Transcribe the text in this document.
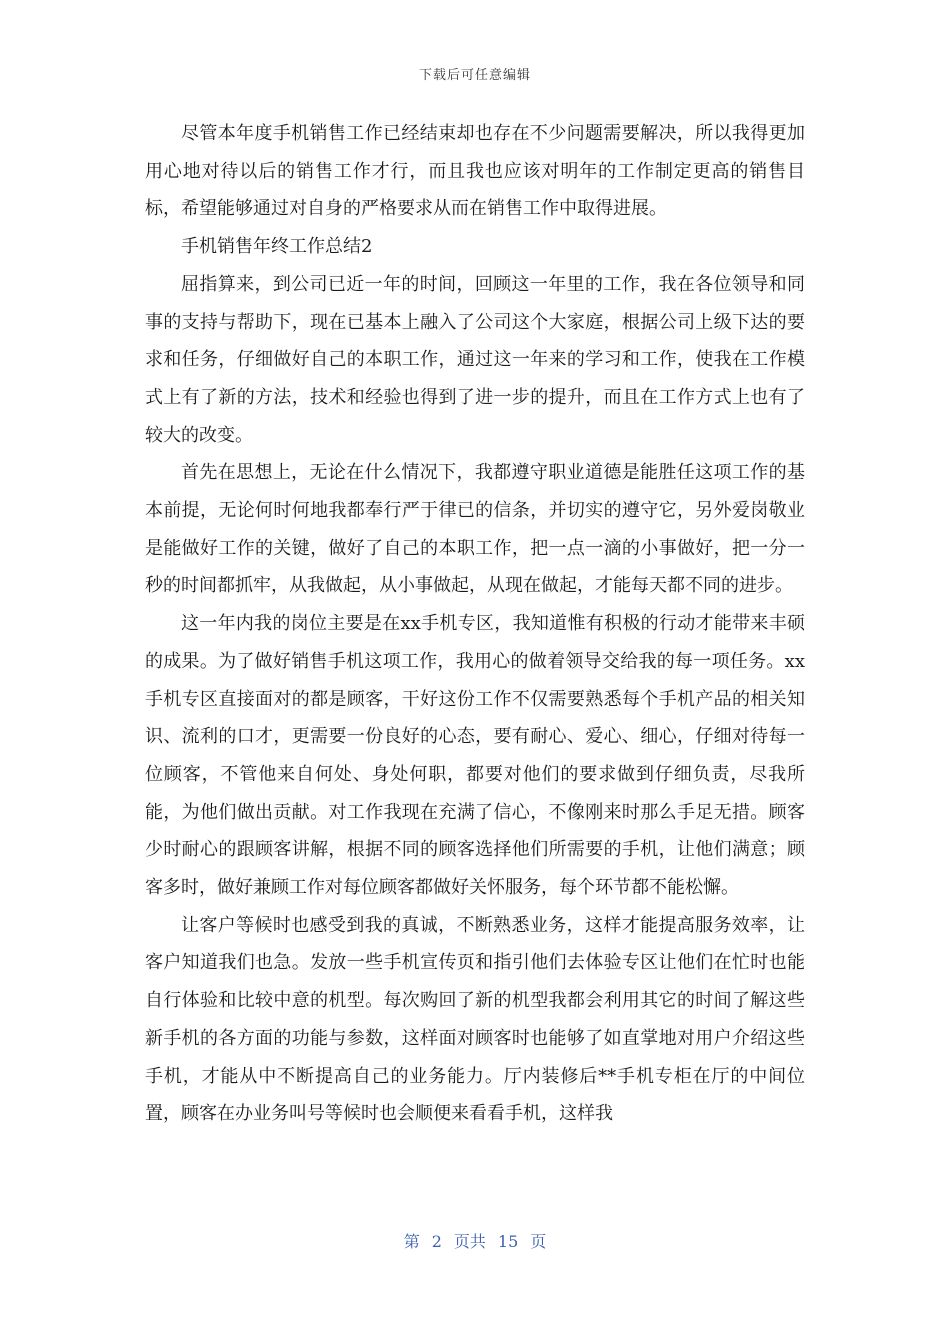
下载后可任意编辑

尽管本年度手机销售工作已经结束却也存在不少问题需要解决，所以我得更加用心地对待以后的销售工作才行，而且我也应该对明年的工作制定更高的销售目标，希望能够通过对自身的严格要求从而在销售工作中取得进展。

手机销售年终工作总结2

屈指算来，到公司已近一年的时间，回顾这一年里的工作，我在各位领导和同事的支持与帮助下，现在已基本上融入了公司这个大家庭，根据公司上级下达的要求和任务，仔细做好自己的本职工作，通过这一年来的学习和工作，使我在工作模式上有了新的方法，技术和经验也得到了进一步的提升，而且在工作方式上也有了较大的改变。

首先在思想上，无论在什么情况下，我都遵守职业道德是能胜任这项工作的基本前提，无论何时何地我都奉行严于律已的信条，并切实的遵守它，另外爱岗敬业是能做好工作的关键，做好了自己的本职工作，把一点一滴的小事做好，把一分一秒的时间都抓牢，从我做起，从小事做起，从现在做起，才能每天都不同的进步。

这一年内我的岗位主要是在xx手机专区，我知道惟有积极的行动才能带来丰硕的成果。为了做好销售手机这项工作，我用心的做着领导交给我的每一项任务。xx手机专区直接面对的都是顾客，干好这份工作不仅需要熟悉每个手机产品的相关知识、流利的口才，更需要一份良好的心态，要有耐心、爱心、细心，仔细对待每一位顾客，不管他来自何处、身处何职，都要对他们的要求做到仔细负责，尽我所能，为他们做出贡献。对工作我现在充满了信心，不像刚来时那么手足无措。顾客少时耐心的跟顾客讲解，根据不同的顾客选择他们所需要的手机，让他们满意；顾客多时，做好兼顾工作对每位顾客都做好关怀服务，每个环节都不能松懈。

让客户等候时也感受到我的真诚，不断熟悉业务，这样才能提高服务效率，让客户知道我们也急。发放一些手机宣传页和指引他们去体验专区让他们在忙时也能自行体验和比较中意的机型。每次购回了新的机型我都会利用其它的时间了解这些新手机的各方面的功能与参数，这样面对顾客时也能够了如直掌地对用户介绍这些手机，才能从中不断提高自己的业务能力。厅内装修后**手机专柜在厅的中间位置，顾客在办业务叫号等候时也会顺便来看看手机，这样我

第 2 页共 15 页
